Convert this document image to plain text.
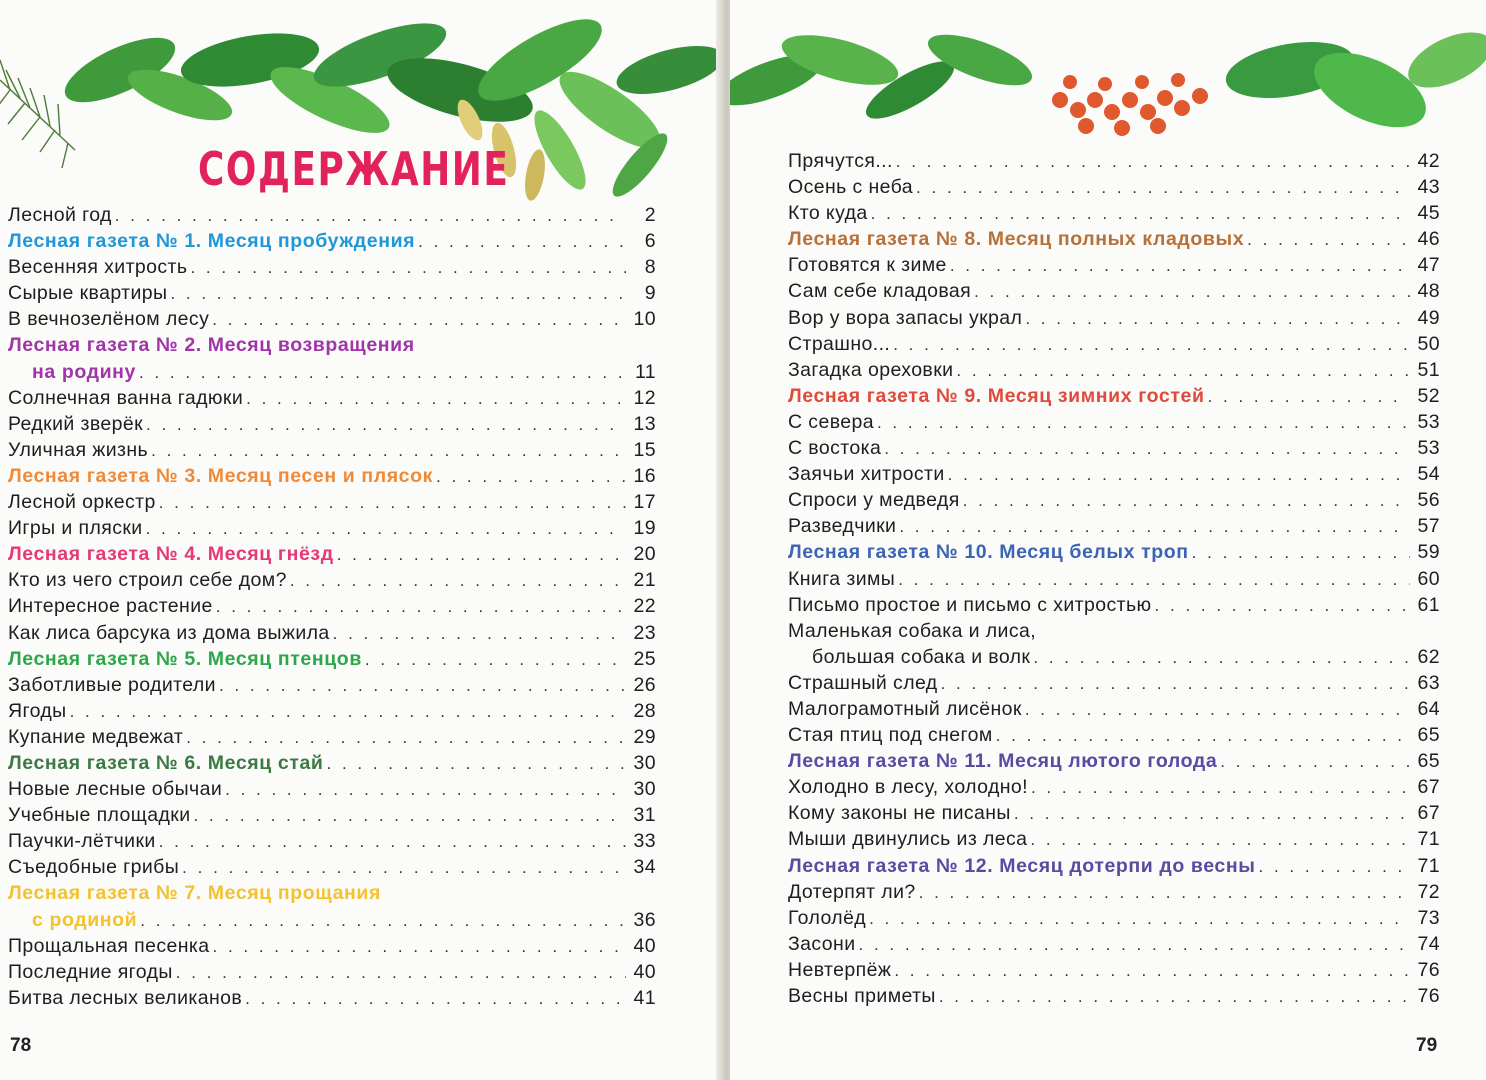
СОДЕРЖАНИЕ
Лесной год . . .	2
Лесная газета № 1. Месяц пробуждения . . .	6
Весенняя хитрость . . .	8
Сырые квартиры . . .	9
В вечнозелёном лесу . . .	10
Лесная газета № 2. Месяц возвращения
на родину . . .	11
Солнечная ванна гадюки . . .	12
Редкий зверёк . . .	13
Уличная жизнь . . .	15
Лесная газета № 3. Месяц песен и плясок . . .	16
Лесной оркестр . . .	17
Игры и пляски . . .	19
Лесная газета № 4. Месяц гнёзд . . .	20
Кто из чего строил себе дом? . . .	21
Интересное растение . . .	22
Как лиса барсука из дома выжила . . .	23
Лесная газета № 5. Месяц птенцов . . .	25
Заботливые родители . . .	26
Ягоды . . .	28
Купание медвежат . . .	29
Лесная газета № 6. Месяц стай . . .	30
Новые лесные обычаи . . .	30
Учебные площадки . . .	31
Паучки-лётчики . . .	33
Съедобные грибы . . .	34
Лесная газета № 7. Месяц прощания
с родиной . . .	36
Прощальная песенка . . .	40
Последние ягоды . . .	40
Битва лесных великанов . . .	41
Прячутся... . . .	42
Осень с неба . . .	43
Кто куда . . .	45
Лесная газета № 8. Месяц полных кладовых . . .	46
Готовятся к зиме . . .	47
Сам себе кладовая . . .	48
Вор у вора запасы украл . . .	49
Страшно... . . .	50
Загадка ореховки . . .	51
Лесная газета № 9. Месяц зимних гостей . . .	52
С севера . . .	53
С востока . . .	53
Заячьи хитрости . . .	54
Спроси у медведя . . .	56
Разведчики . . .	57
Лесная газета № 10. Месяц белых троп . . .	59
Книга зимы . . .	60
Письмо простое и письмо с хитростью . . .	61
Маленькая собака и лиса,
большая собака и волк . . .	62
Страшный след . . .	63
Малограмотный лисёнок . . .	64
Стая птиц под снегом . . .	65
Лесная газета № 11. Месяц лютого голода . . .	65
Холодно в лесу, холодно! . . .	67
Кому законы не писаны . . .	67
Мыши двинулись из леса . . .	71
Лесная газета № 12. Месяц дотерпи до весны . . .	71
Дотерпят ли? . . .	72
Гололёд . . .	73
Засони . . .	74
Невтерпёж . . .	76
Весны приметы . . .	76
78	79
